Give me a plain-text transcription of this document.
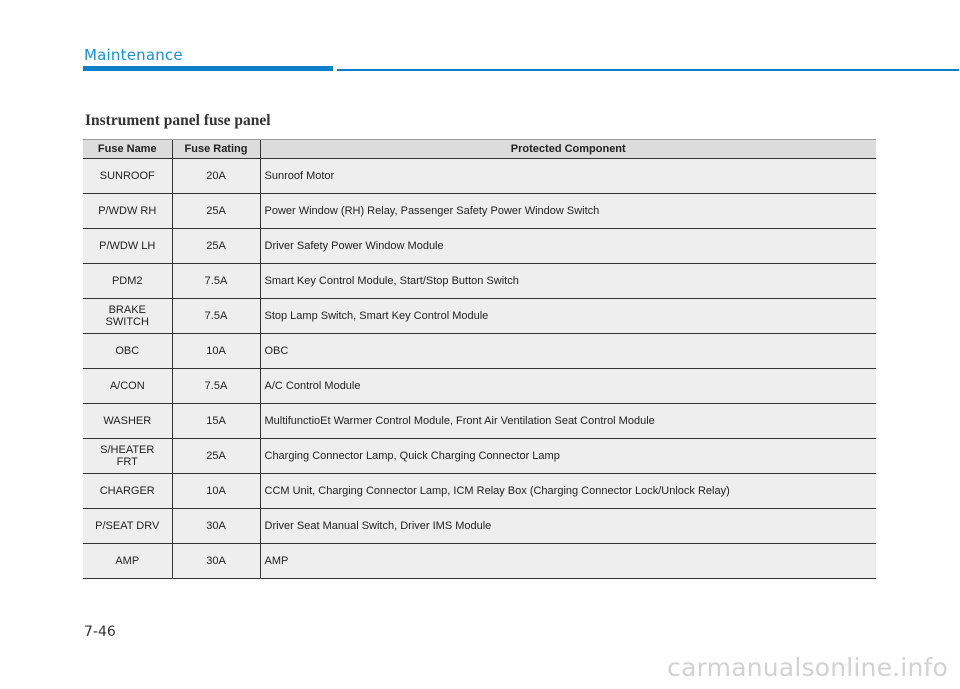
Maintenance
Instrument panel fuse panel
Fuse Name	Fuse Rating	Protected Component
SUNROOF	20A	Sunroof Motor
P/WDW RH	25A	Power Window (RH) Relay, Passenger Safety Power Window Switch
P/WDW LH	25A	Driver Safety Power Window Module
PDM2	7.5A	Smart Key Control Module, Start/Stop Button Switch
BRAKE
SWITCH	7.5A	Stop Lamp Switch, Smart Key Control Module
OBC	10A	OBC
A/CON	7.5A	A/C Control Module
WASHER	15A	MultifunctioEt Warmer Control Module, Front Air Ventilation Seat Control Module
S/HEATER
FRT	25A	Charging Connector Lamp, Quick Charging Connector Lamp
CHARGER	10A	CCM Unit, Charging Connector Lamp, ICM Relay Box (Charging Connector Lock/Unlock Relay)
P/SEAT DRV	30A	Driver Seat Manual Switch, Driver IMS Module
AMP	30A	AMP
7-46
carmanualsonline.info
